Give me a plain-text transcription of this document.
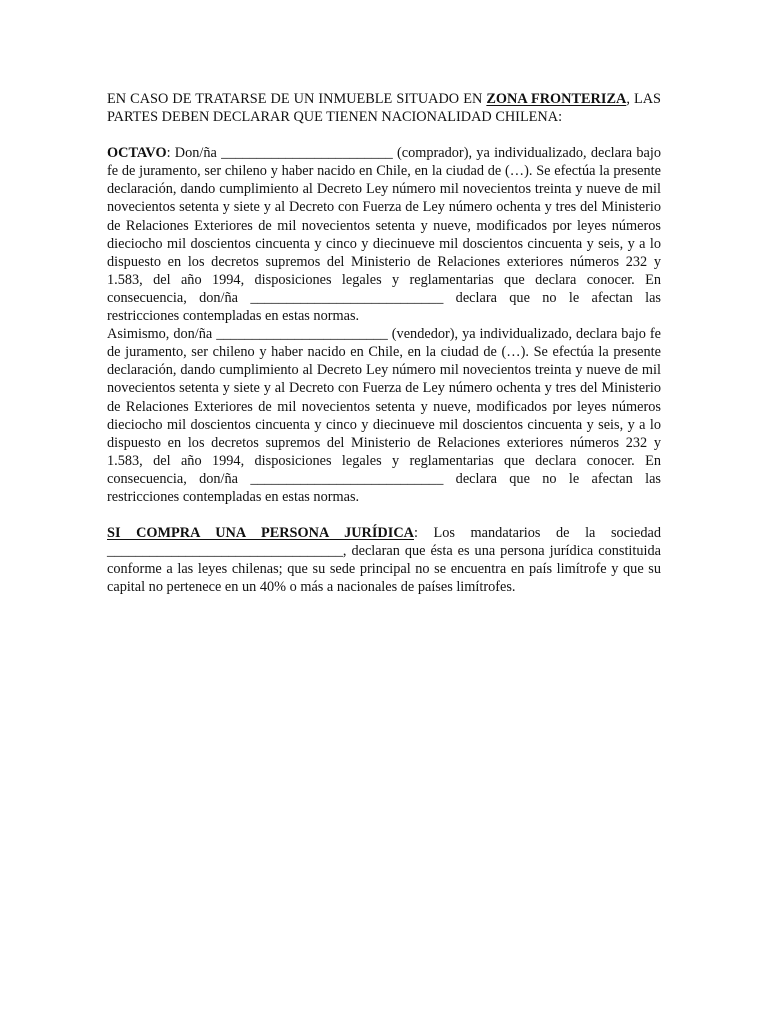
EN CASO DE TRATARSE DE UN INMUEBLE SITUADO EN ZONA FRONTERIZA, LAS PARTES DEBEN DECLARAR QUE TIENEN NACIONALIDAD CHILENA:

OCTAVO: Don/ña ________________________ (comprador), ya individualizado, declara bajo fe de juramento, ser chileno y haber nacido en Chile, en la ciudad de (…). Se efectúa la presente declaración, dando cumplimiento al Decreto Ley número mil novecientos treinta y nueve de mil novecientos setenta y siete y al Decreto con Fuerza de Ley número ochenta y tres del Ministerio de Relaciones Exteriores de mil novecientos setenta y nueve, modificados por leyes números dieciocho mil doscientos cincuenta y cinco y diecinueve mil doscientos cincuenta y seis, y a lo dispuesto en los decretos supremos del Ministerio de Relaciones exteriores números 232 y 1.583, del año 1994, disposiciones legales y reglamentarias que declara conocer. En consecuencia, don/ña ___________________________ declara que no le afectan las restricciones contempladas en estas normas.

Asimismo, don/ña ________________________ (vendedor), ya individualizado, declara bajo fe de juramento, ser chileno y haber nacido en Chile, en la ciudad de (…). Se efectúa la presente declaración, dando cumplimiento al Decreto Ley número mil novecientos treinta y nueve de mil novecientos setenta y siete y al Decreto con Fuerza de Ley número ochenta y tres del Ministerio de Relaciones Exteriores de mil novecientos setenta y nueve, modificados por leyes números dieciocho mil doscientos cincuenta y cinco y diecinueve mil doscientos cincuenta y seis, y a lo dispuesto en los decretos supremos del Ministerio de Relaciones exteriores números 232 y 1.583, del año 1994, disposiciones legales y reglamentarias que declara conocer. En consecuencia, don/ña ___________________________ declara que no le afectan las restricciones contempladas en estas normas.

SI COMPRA UNA PERSONA JURÍDICA: Los mandatarios de la sociedad _________________________________, declaran que ésta es una persona jurídica constituida conforme a las leyes chilenas; que su sede principal no se encuentra en país limítrofe y que su capital no pertenece en un 40% o más a nacionales de países limítrofes.
